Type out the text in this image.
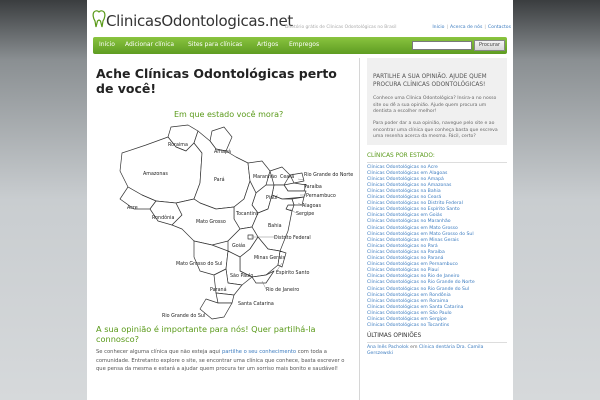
ClinicasOdontologicas.net
Diretório grátis de Clínicas Odontológicas no Brasil	Início | Acerca de nós | Contactos
Início Adicionar clínica Sites para clínicas Artigos Empregos	Procurar
Ache Clínicas Odontológicas perto de você!
Em que estado você mora?
Roraima
Amapá
Amazonas
Pará
Maranhão Ceará Rio Grande do Norte
Paraíba
Pernambuco
Acre
Piauí
Alagoas
Sergipe
Rondônia
Tocantins
Bahia
Mato Grosso
Distrito Federal
Goiás
Minas Gerais
Mato Grosso do Sul
Espirito Santo
São Paulo
Rio de Janeiro
Paraná
Santa Catarina
Rio Grande do Sul
A sua opinião é importante para nós! Quer partilhá-la connosco?
Se conhecer alguma clínica que não esteja aqui partilhe o seu conhecimento com toda a comunidade. Entretanto explore o site, se encontrar uma clínica que conhece, basta escrever o que pensa da mesma e estará a ajudar quem procura ter um sorriso mais bonito e saudável!
PARTILHE A SUA OPINIÃO. AJUDE QUEM PROCURA CLÍNICAS ODONTOLÓGICAS!
Conhece uma Clínica Odontológica? Insira-a no nosso site ou dê a sua opinião. Ajude quem procura um dentista a escolher melhor!
Para poder dar a sua opinião, navegue pelo site e ao encontrar uma clínica que conheça basta que escreva uma resenha acerca da mesma. Fácil, certo?
CLÍNICAS POR ESTADO:
Clínicas Odontológicas no Acre
Clínicas Odontológicas em Alagoas
Clínicas Odontológicas no Amapá
Clínicas Odontológicas no Amazonas
Clínicas Odontológicas na Bahia
Clínicas Odontológicas no Ceará
Clínicas Odontológicas no Distrito Federal
Clínicas Odontológicas no Espírito Santo
Clínicas Odontológicas em Goiás
Clínicas Odontológicas no Maranhão
Clínicas Odontológicas em Mato Grosso
Clínicas Odontológicas em Mato Grosso do Sul
Clínicas Odontológicas em Minas Gerais
Clínicas Odontológicas no Pará
Clínicas Odontológicas na Paraíba
Clínicas Odontológicas no Paraná
Clínicas Odontológicas em Pernambuco
Clínicas Odontológicas no Piauí
Clínicas Odontológicas no Rio de Janeiro
Clínicas Odontológicas no Rio Grande do Norte
Clínicas Odontológicas no Rio Grande do Sul
Clínicas Odontológicas em Rondônia
Clínicas Odontológicas em Roraima
Clínicas Odontológicas em Santa Catarina
Clínicas Odontológicas em São Paulo
Clínicas Odontológicas em Sergipe
Clínicas Odontológicas no Tocantins
ÚLTIMAS OPINIÕES
Ana Inês Pacholok em Clínica dentária Dra. Camila Gerszewski
